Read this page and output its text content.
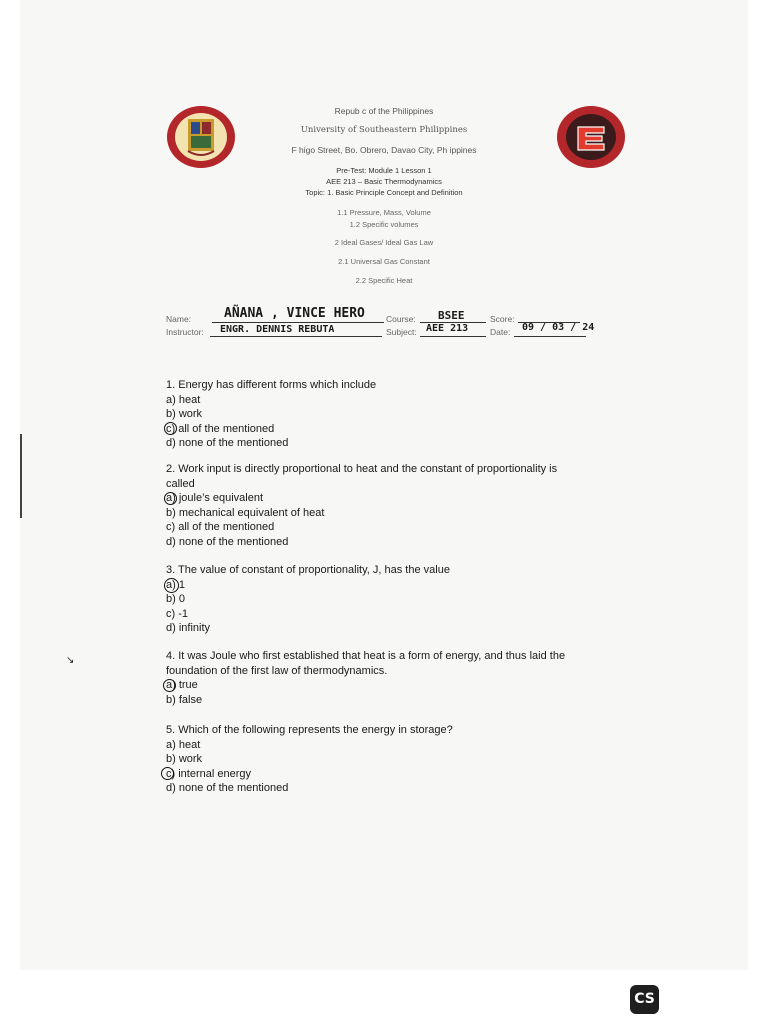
Repub c of the Philippines
University of Southeastern Philippines
F higo Street, Bo. Obrero, Davao City, Ph ippines
Pre-Test: Module 1 Lesson 1
AEE 213 – Basic Thermodynamics
Topic: 1. Basic Principle Concept and Definition
1.1 Pressure, Mass, Volume
1.2 Specific volumes
2 Ideal Gases/ Ideal Gas Law
2.1 Universal Gas Constant
2.2 Specific Heat
Name:	AÑANA , VINCE HERO Course: BSEE	Score:
Instructor: ENGR. DENNIS REBUTA	Subject: AEE 213	Date: 09 / 03 / 24
1. Energy has different forms which include
a) heat
b) work
c) all of the mentioned
d) none of the mentioned
2. Work input is directly proportional to heat and the constant of proportionality is
called
a) joule’s equivalent
b) mechanical equivalent of heat
c) all of the mentioned
d) none of the mentioned
3. The value of constant of proportionality, J, has the value
a) 1
b) 0
c) -1
d) infinity
4. It was Joule who first established that heat is a form of energy, and thus laid the
foundation of the first law of thermodynamics.
a) true
b) false
5. Which of the following represents the energy in storage?
a) heat
b) work
c) internal energy
d) none of the mentioned
↘
CS
